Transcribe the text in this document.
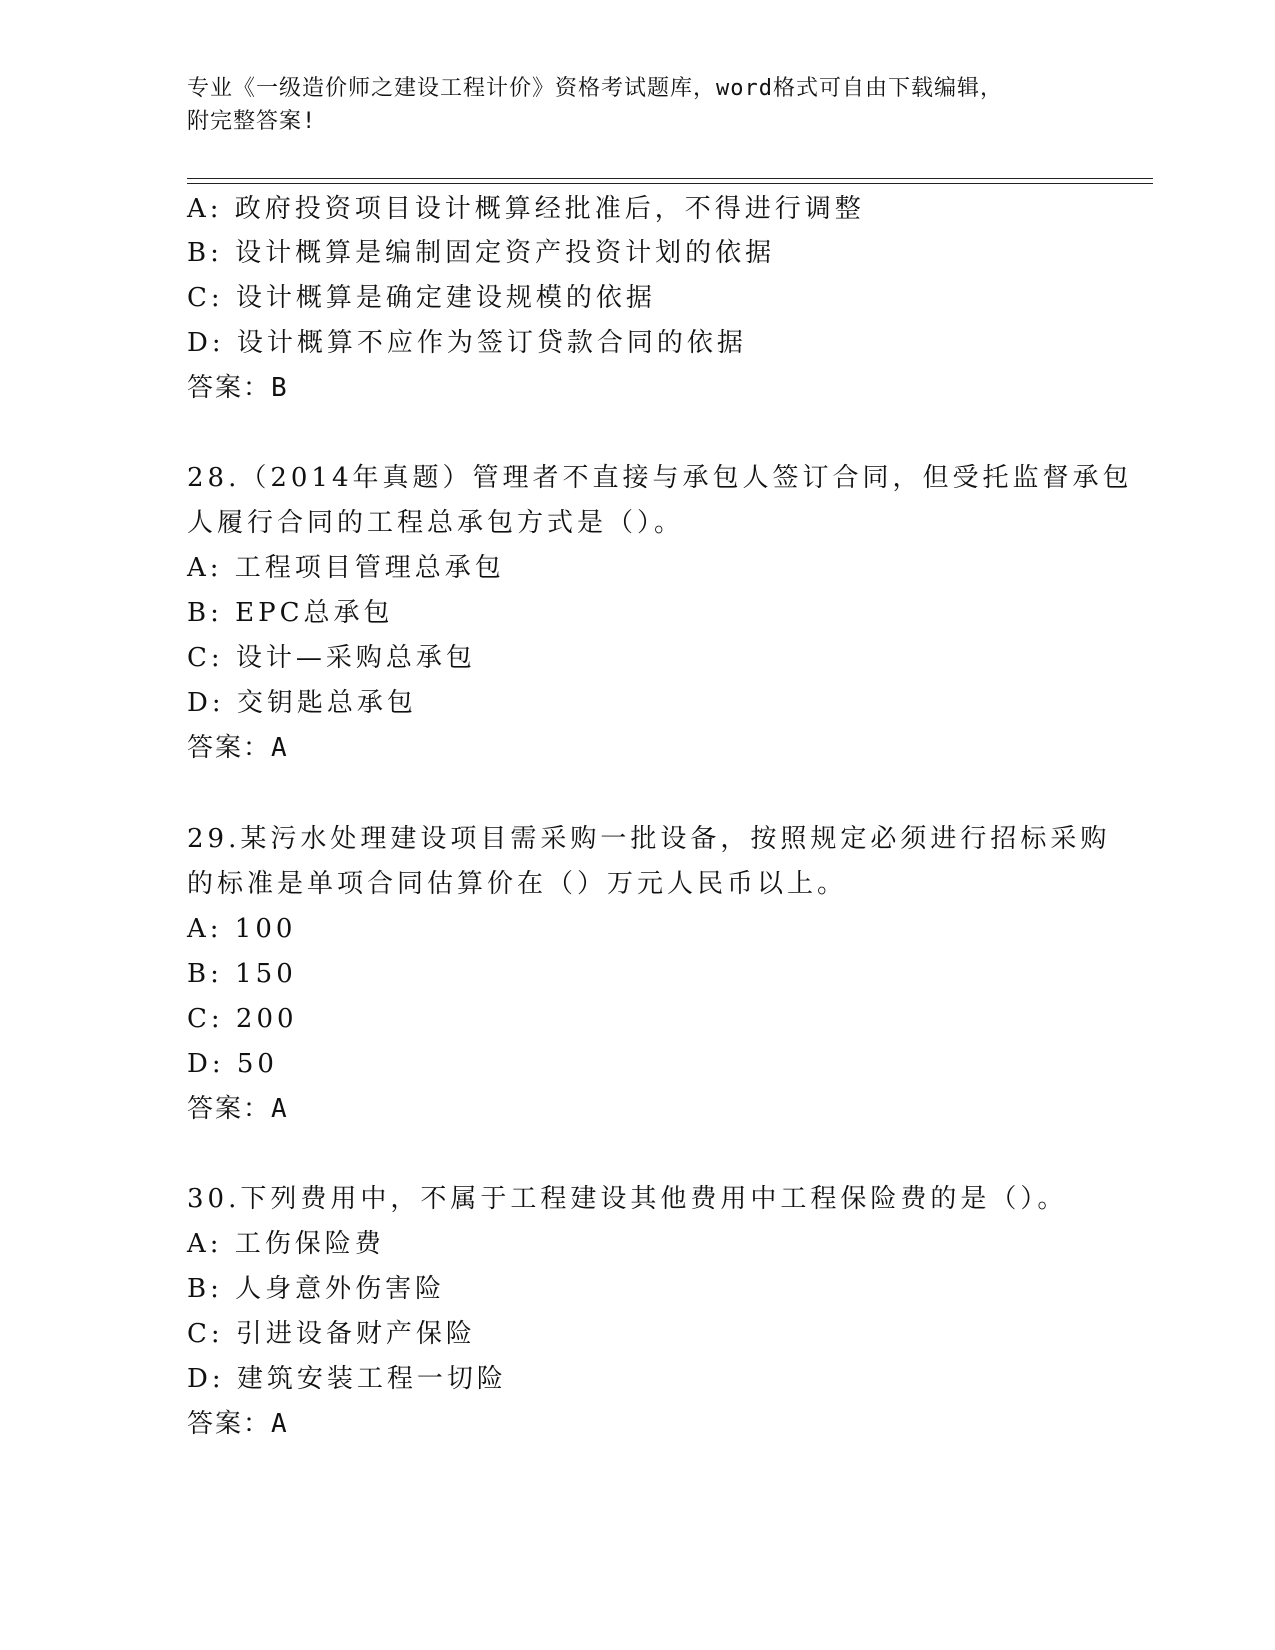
专业《一级造价师之建设工程计价》资格考试题库，word格式可自由下载编辑，

附完整答案!

A: 政府投资项目设计概算经批准后，不得进行调整
B: 设计概算是编制固定资产投资计划的依据
C: 设计概算是确定建设规模的依据
D: 设计概算不应作为签订贷款合同的依据
答案：B
28.（2014年真题）管理者不直接与承包人签订合同，但受托监督承包
人履行合同的工程总承包方式是（）。
A: 工程项目管理总承包
B: EPC总承包
C: 设计—采购总承包
D: 交钥匙总承包
答案：A
29.某污水处理建设项目需采购一批设备，按照规定必须进行招标采购
的标准是单项合同估算价在（）万元人民币以上。
A: 100
B: 150
C: 200
D: 50
答案：A
30.下列费用中，不属于工程建设其他费用中工程保险费的是（）。
A: 工伤保险费
B: 人身意外伤害险
C: 引进设备财产保险
D: 建筑安装工程一切险
答案：A
